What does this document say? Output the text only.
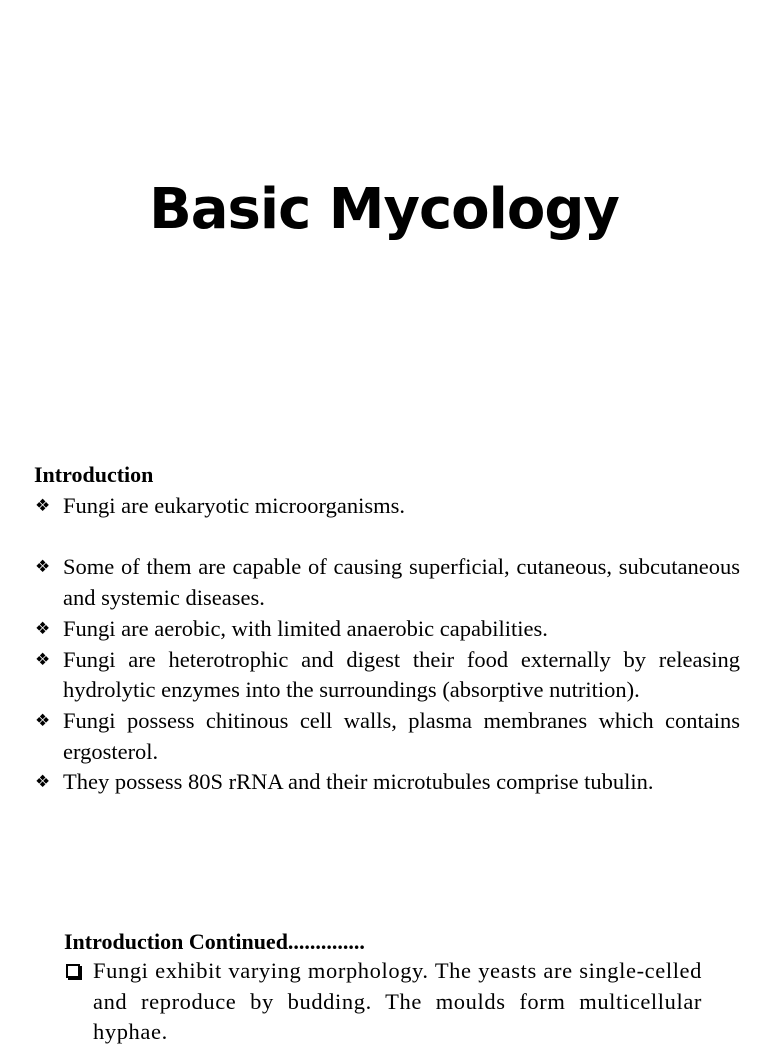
Basic Mycology
Introduction
❖ Fungi are eukaryotic microorganisms.
❖ Some of them are capable of causing superficial, cutaneous, subcutaneous and systemic diseases.
❖ Fungi are aerobic, with limited anaerobic capabilities.
❖ Fungi are heterotrophic and digest their food externally by releasing hydrolytic enzymes into the surroundings (absorptive nutrition).
❖ Fungi possess chitinous cell walls, plasma membranes which contains ergosterol.
❖ They possess 80S rRNA and their microtubules comprise tubulin.
Introduction Continued..............
Fungi exhibit varying morphology. The yeasts are single-celled and reproduce by budding. The moulds form multicellular hyphae.
